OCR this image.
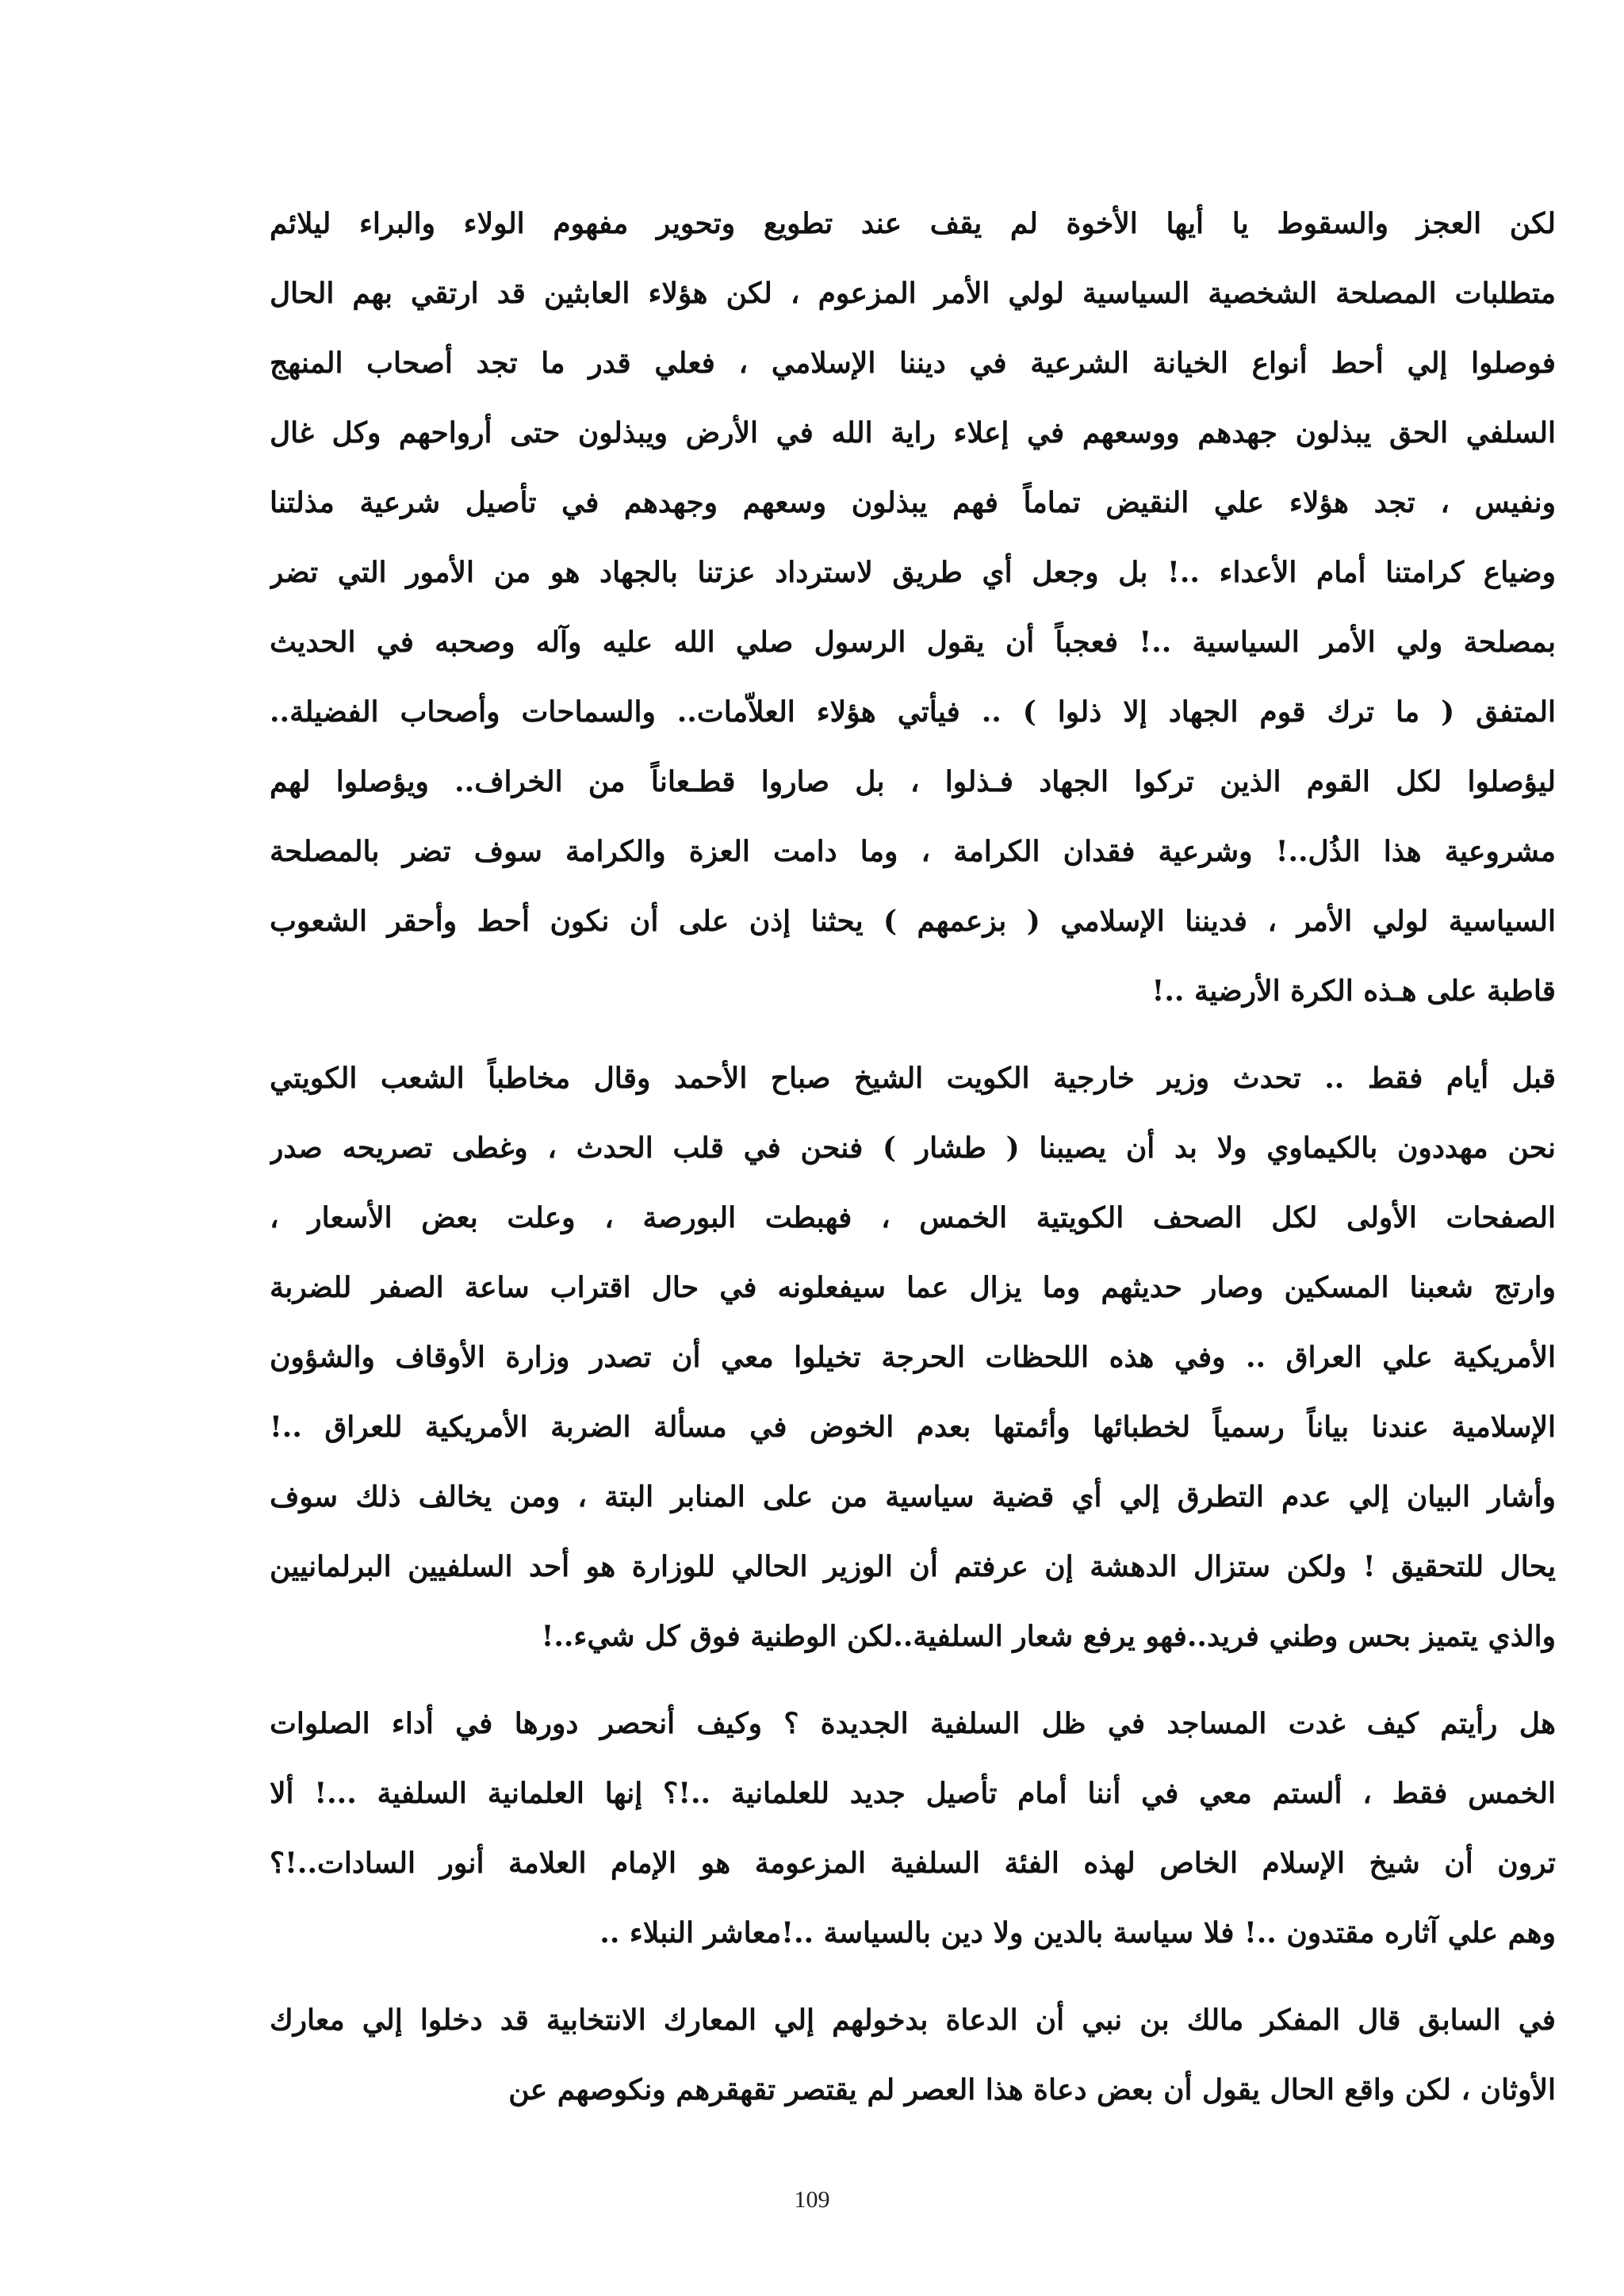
لكن العجز والسقوط يا أيها الأخوة لم يقف عند تطويع وتحوير مفهوم الولاء والبراء ليلائم
متطلبات المصلحة الشخصية السياسية لولي الأمر المزعوم ، لكن هؤلاء العابثين قد ارتقي بهم الحال
فوصلوا إلي أحط أنواع الخيانة الشرعية في ديننا الإسلامي ، فعلي قدر ما تجد أصحاب المنهج
السلفي الحق يبذلون جهدهم ووسعهم في إعلاء راية الله في الأرض ويبذلون حتى أرواحهم وكل غال
ونفيس ، تجد هؤلاء علي النقيض تماماً فهم يبذلون وسعهم وجهدهم في تأصيل شرعية مذلتنا
وضياع كرامتنا أمام الأعداء ..! بل وجعل أي طريق لاسترداد عزتنا بالجهاد هو من الأمور التي تضر
بمصلحة ولي الأمر السياسية ..! فعجباً أن يقول الرسول صلي الله عليه وآله وصحبه في الحديث
المتفق ( ما ترك قوم الجهاد إلا ذلوا ) .. فيأتي هؤلاء العلاّمات.. والسماحات وأصحاب الفضيلة..
ليؤصلوا لكل القوم الذين تركوا الجهاد فـذلوا ، بل صاروا قطـعاناً من الخراف.. ويؤصلوا لهم
مشروعية هذا الذُل..! وشرعية فقدان الكرامة ، وما دامت العزة والكرامة سوف تضر بالمصلحة
السياسية لولي الأمر ، فديننا الإسلامي ( بزعمهم ) يحثنا إذن على أن نكون أحط وأحقر الشعوب
قاطبة على هـذه الكرة الأرضية ..!
قبل أيام فقط .. تحدث وزير خارجية الكويت الشيخ صباح الأحمد وقال مخاطباً الشعب الكويتي
نحن مهددون بالكيماوي ولا بد أن يصيبنا ( طشار ) فنحن في قلب الحدث ، وغطى تصريحه صدر
الصفحات الأولى لكل الصحف الكويتية الخمس ، فهبطت البورصة ، وعلت بعض الأسعار ،
وارتج شعبنا المسكين وصار حديثهم وما يزال عما سيفعلونه في حال اقتراب ساعة الصفر للضربة
الأمريكية علي العراق .. وفي هذه اللحظات الحرجة تخيلوا معي أن تصدر وزارة الأوقاف والشؤون
الإسلامية عندنا بياناً رسمياً لخطبائها وأئمتها بعدم الخوض في مسألة الضربة الأمريكية للعراق ..!
وأشار البيان إلي عدم التطرق إلي أي قضية سياسية من على المنابر البتة ، ومن يخالف ذلك سوف
يحال للتحقيق ! ولكن ستزال الدهشة إن عرفتم أن الوزير الحالي للوزارة هو أحد السلفيين البرلمانيين
والذي يتميز بحس وطني فريد..فهو يرفع شعار السلفية..لكن الوطنية فوق كل شيء..!
هل رأيتم كيف غدت المساجد في ظل السلفية الجديدة ؟ وكيف أنحصر دورها في أداء الصلوات
الخمس فقط ، ألستم معي في أننا أمام تأصيل جديد للعلمانية ..!؟ إنها العلمانية السلفية ...! ألا
ترون أن شيخ الإسلام الخاص لهذه الفئة السلفية المزعومة هو الإمام العلامة أنور السادات..!؟
وهم علي آثاره مقتدون ..! فلا سياسة بالدين ولا دين بالسياسة ..!معاشر النبلاء ..
في السابق قال المفكر مالك بن نبي أن الدعاة بدخولهم إلي المعارك الانتخابية قد دخلوا إلي معارك
الأوثان ، لكن واقع الحال يقول أن بعض دعاة هذا العصر لم يقتصر تقهقرهم ونكوصهم عن
109
